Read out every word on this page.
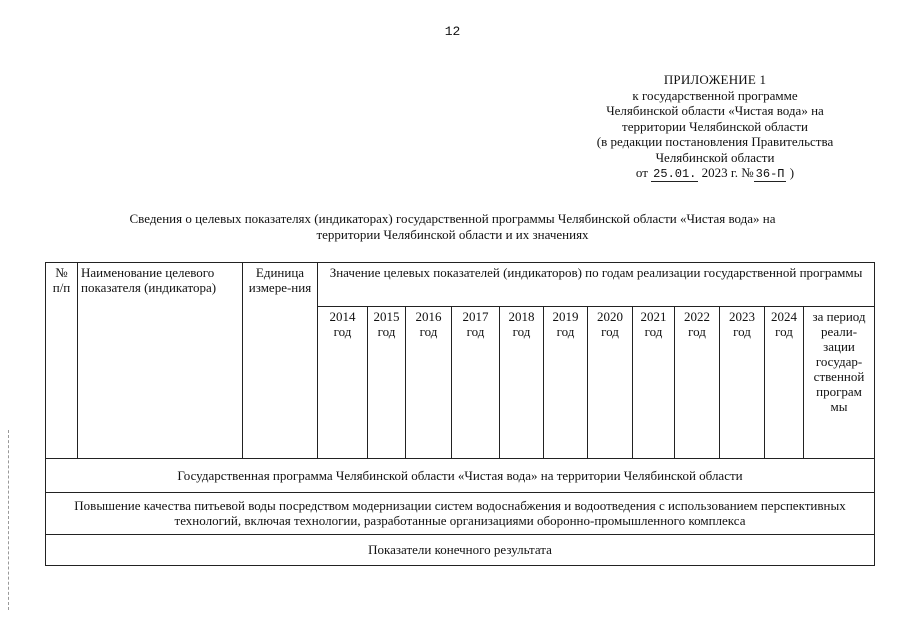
12
ПРИЛОЖЕНИЕ 1
к государственной программе
Челябинской области «Чистая вода» на
территории Челябинской области
(в редакции постановления Правительства
Челябинской области
от 25.01. 2023 г. № 36-П )
Сведения о целевых показателях (индикаторах) государственной программы Челябинской области «Чистая вода» на
территории Челябинской области и их значениях
№ п/п	Наименование целевого показателя (индикатора)	Единица измере-ния	Значение целевых показателей (индикаторов) по годам реализации государственной программы											
			2014 год	2015 год	2016 год	2017 год	2018 год	2019 год	2020 год	2021 год	2022 год	2023 год	2024 год	за период реали-зации государ-ственной програм мы
Государственная программа Челябинской области «Чистая вода» на территории Челябинской области														
Повышение качества питьевой воды посредством модернизации систем водоснабжения и водоотведения с использованием перспективных технологий, включая технологии, разработанные организациями оборонно-промышленного комплекса														
Показатели конечного результата														
